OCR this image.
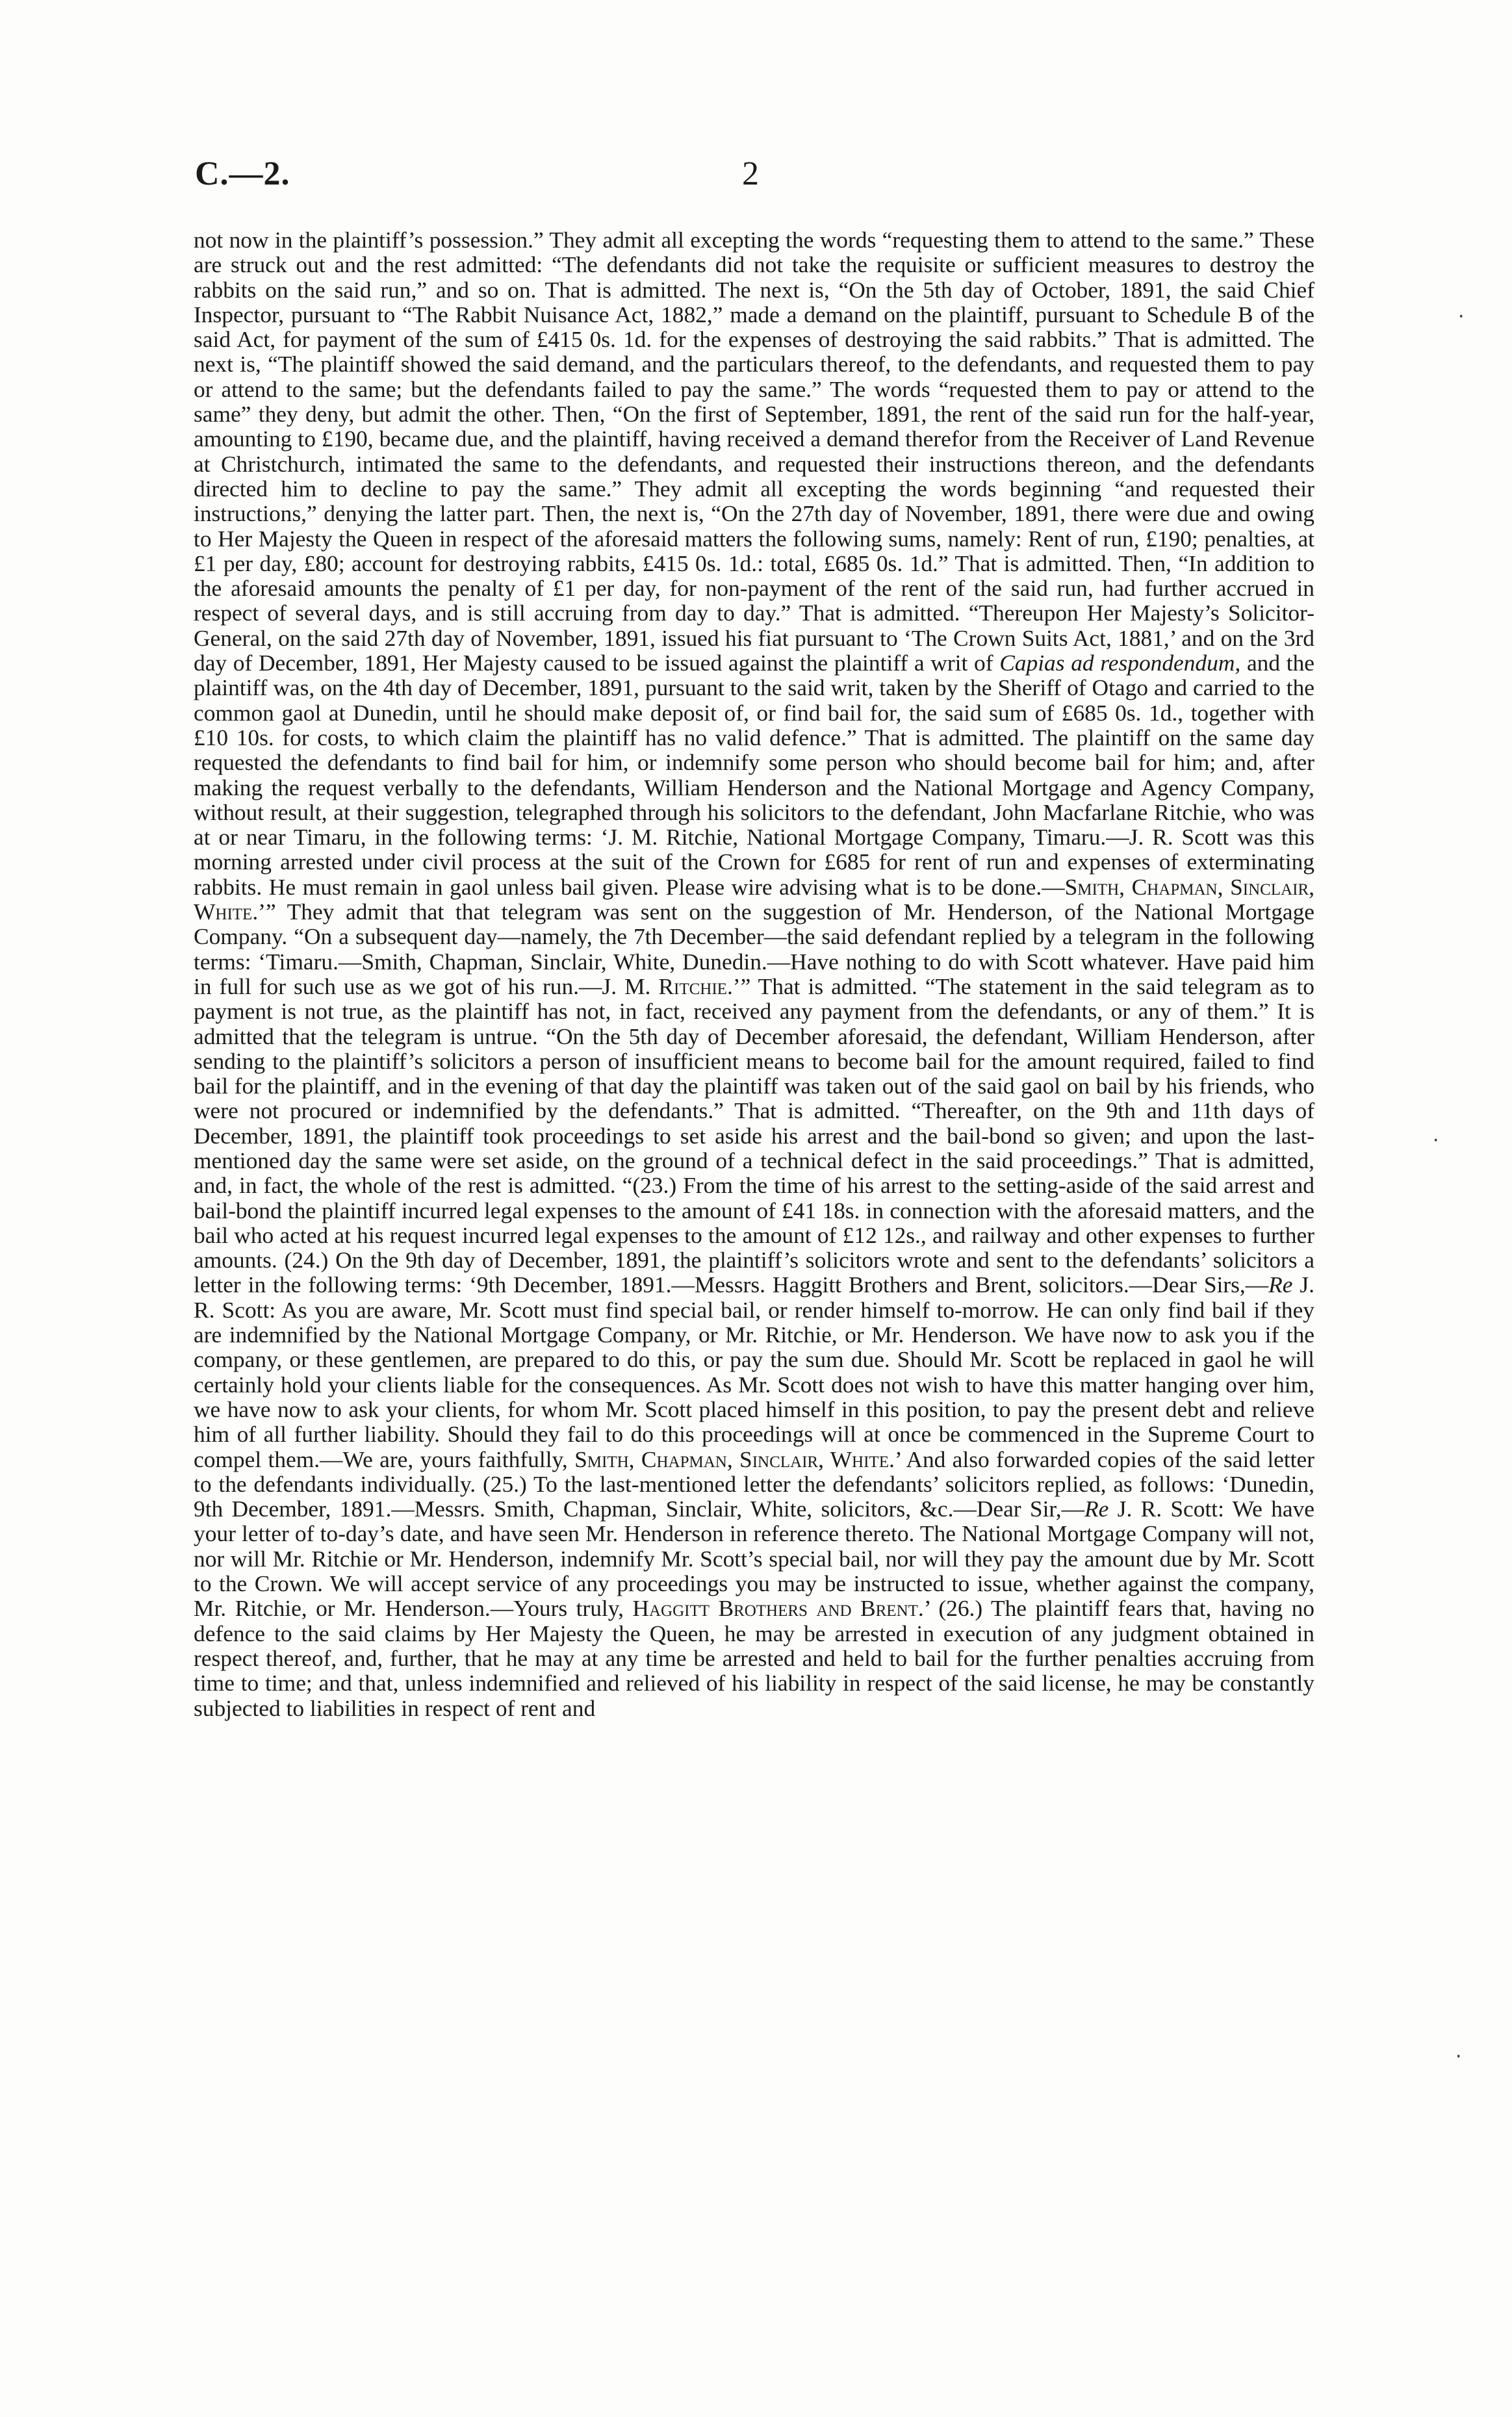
C.—2.	2

not now in the plaintiff’s possession.” They admit all excepting the words “requesting them to attend to the same.” These are struck out and the rest admitted: “The defendants did not take the requisite or sufficient measures to destroy the rabbits on the said run,” and so on. That is admitted. The next is, “On the 5th day of October, 1891, the said Chief Inspector, pursuant to “The Rabbit Nuisance Act, 1882,” made a demand on the plaintiff, pursuant to Schedule B of the said Act, for payment of the sum of £415 0s. 1d. for the expenses of destroying the said rabbits.” That is admitted. The next is, “The plaintiff showed the said demand, and the particulars thereof, to the defendants, and requested them to pay or attend to the same; but the defendants failed to pay the same.” The words “requested them to pay or attend to the same” they deny, but admit the other. Then, “On the first of September, 1891, the rent of the said run for the half-year, amounting to £190, became due, and the plaintiff, having received a demand therefor from the Receiver of Land Revenue at Christchurch, intimated the same to the defendants, and requested their instructions thereon, and the defendants directed him to decline to pay the same.” They admit all excepting the words beginning “and requested their instructions,” denying the latter part. Then, the next is, “On the 27th day of November, 1891, there were due and owing to Her Majesty the Queen in respect of the aforesaid matters the following sums, namely: Rent of run, £190; penalties, at £1 per day, £80; account for destroying rabbits, £415 0s. 1d.: total, £685 0s. 1d.” That is admitted. Then, “In addition to the aforesaid amounts the penalty of £1 per day, for non-payment of the rent of the said run, had further accrued in respect of several days, and is still accruing from day to day.” That is admitted. “Thereupon Her Majesty’s Solicitor-General, on the said 27th day of November, 1891, issued his fiat pursuant to ‘The Crown Suits Act, 1881,’ and on the 3rd day of December, 1891, Her Majesty caused to be issued against the plaintiff a writ of Capias ad respondendum, and the plaintiff was, on the 4th day of December, 1891, pursuant to the said writ, taken by the Sheriff of Otago and carried to the common gaol at Dunedin, until he should make deposit of, or find bail for, the said sum of £685 0s. 1d., together with £10 10s. for costs, to which claim the plaintiff has no valid defence.” That is admitted. The plaintiff on the same day requested the defendants to find bail for him, or indemnify some person who should become bail for him; and, after making the request verbally to the defendants, William Henderson and the National Mortgage and Agency Company, without result, at their suggestion, telegraphed through his solicitors to the defendant, John Macfarlane Ritchie, who was at or near Timaru, in the following terms: ‘J. M. Ritchie, National Mortgage Company, Timaru.—J. R. Scott was this morning arrested under civil process at the suit of the Crown for £685 for rent of run and expenses of exterminating rabbits. He must remain in gaol unless bail given. Please wire advising what is to be done.—Smith, Chapman, Sinclair, White.’” They admit that that telegram was sent on the suggestion of Mr. Henderson, of the National Mortgage Company. “On a subsequent day—namely, the 7th December—the said defendant replied by a telegram in the following terms: ‘Timaru.—Smith, Chapman, Sinclair, White, Dunedin.—Have nothing to do with Scott whatever. Have paid him in full for such use as we got of his run.—J. M. Ritchie.’” That is admitted. “The statement in the said telegram as to payment is not true, as the plaintiff has not, in fact, received any payment from the defendants, or any of them.” It is admitted that the telegram is untrue. “On the 5th day of December aforesaid, the defendant, William Henderson, after sending to the plaintiff’s solicitors a person of insufficient means to become bail for the amount required, failed to find bail for the plaintiff, and in the evening of that day the plaintiff was taken out of the said gaol on bail by his friends, who were not procured or indemnified by the defendants.” That is admitted. “Thereafter, on the 9th and 11th days of December, 1891, the plaintiff took proceedings to set aside his arrest and the bail-bond so given; and upon the last-mentioned day the same were set aside, on the ground of a technical defect in the said proceedings.” That is admitted, and, in fact, the whole of the rest is admitted. “(23.) From the time of his arrest to the setting-aside of the said arrest and bail-bond the plaintiff incurred legal expenses to the amount of £41 18s. in connection with the aforesaid matters, and the bail who acted at his request incurred legal expenses to the amount of £12 12s., and railway and other expenses to further amounts. (24.) On the 9th day of December, 1891, the plaintiff’s solicitors wrote and sent to the defendants’ solicitors a letter in the following terms: ‘9th December, 1891.—Messrs. Haggitt Brothers and Brent, solicitors.—Dear Sirs,—Re J. R. Scott: As you are aware, Mr. Scott must find special bail, or render himself to-morrow. He can only find bail if they are indemnified by the National Mortgage Company, or Mr. Ritchie, or Mr. Henderson. We have now to ask you if the company, or these gentlemen, are prepared to do this, or pay the sum due. Should Mr. Scott be replaced in gaol he will certainly hold your clients liable for the consequences. As Mr. Scott does not wish to have this matter hanging over him, we have now to ask your clients, for whom Mr. Scott placed himself in this position, to pay the present debt and relieve him of all further liability. Should they fail to do this proceedings will at once be commenced in the Supreme Court to compel them.—We are, yours faithfully, Smith, Chapman, Sinclair, White.’ And also forwarded copies of the said letter to the defendants individually. (25.) To the last-mentioned letter the defendants’ solicitors replied, as follows: ‘Dunedin, 9th December, 1891.—Messrs. Smith, Chapman, Sinclair, White, solicitors, &c.—Dear Sir,—Re J. R. Scott: We have your letter of to-day’s date, and have seen Mr. Henderson in reference thereto. The National Mortgage Company will not, nor will Mr. Ritchie or Mr. Henderson, indemnify Mr. Scott’s special bail, nor will they pay the amount due by Mr. Scott to the Crown. We will accept service of any proceedings you may be instructed to issue, whether against the company, Mr. Ritchie, or Mr. Henderson.—Yours truly, Haggitt Brothers and Brent.’ (26.) The plaintiff fears that, having no defence to the said claims by Her Majesty the Queen, he may be arrested in execution of any judgment obtained in respect thereof, and, further, that he may at any time be arrested and held to bail for the further penalties accruing from time to time; and that, unless indemnified and relieved of his liability in respect of the said license, he may be constantly subjected to liabilities in respect of rent and

·
·
·
